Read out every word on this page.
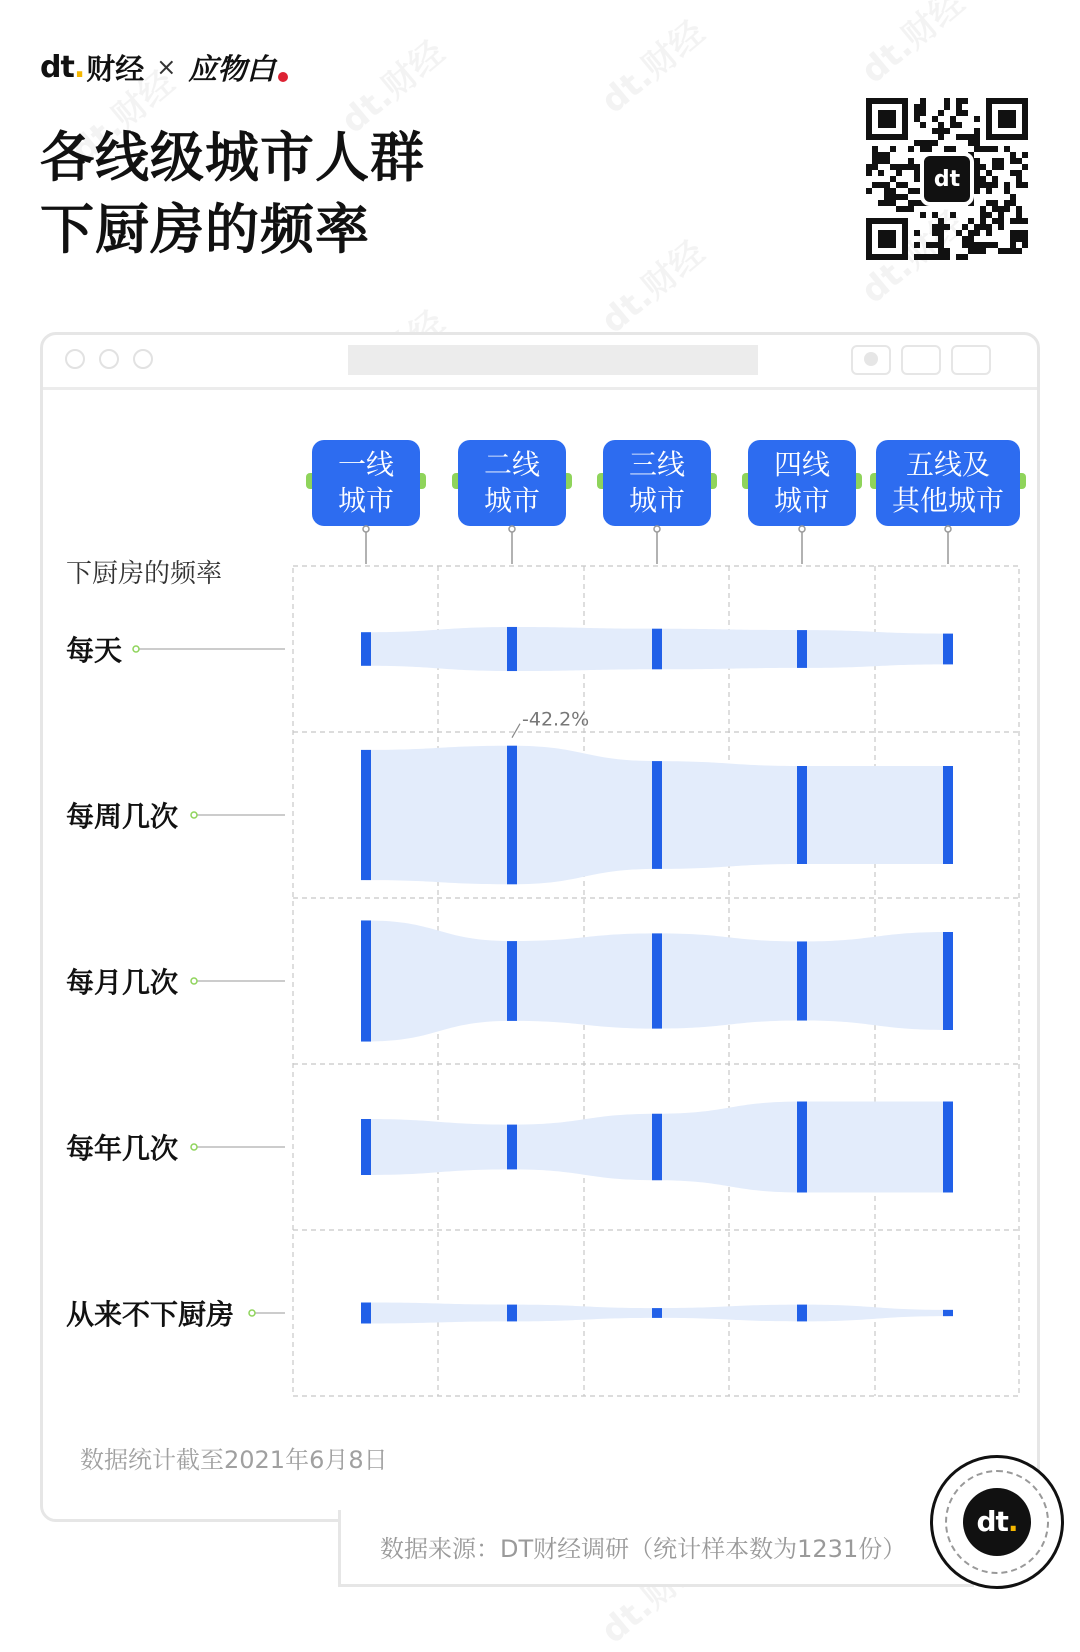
dt. 财经 × 应物白
各线级城市人群
下厨房的频率
dt
一线
城市
二线
城市
三线
城市
四线
城市
五线及
其他城市
下厨房的频率
每天
每周几次
每月几次
每年几次
从来不下厨房
-42.2%
数据统计截至2021年6月8日
数据来源：DT财经调研（统计样本数为1231份）
dt.
